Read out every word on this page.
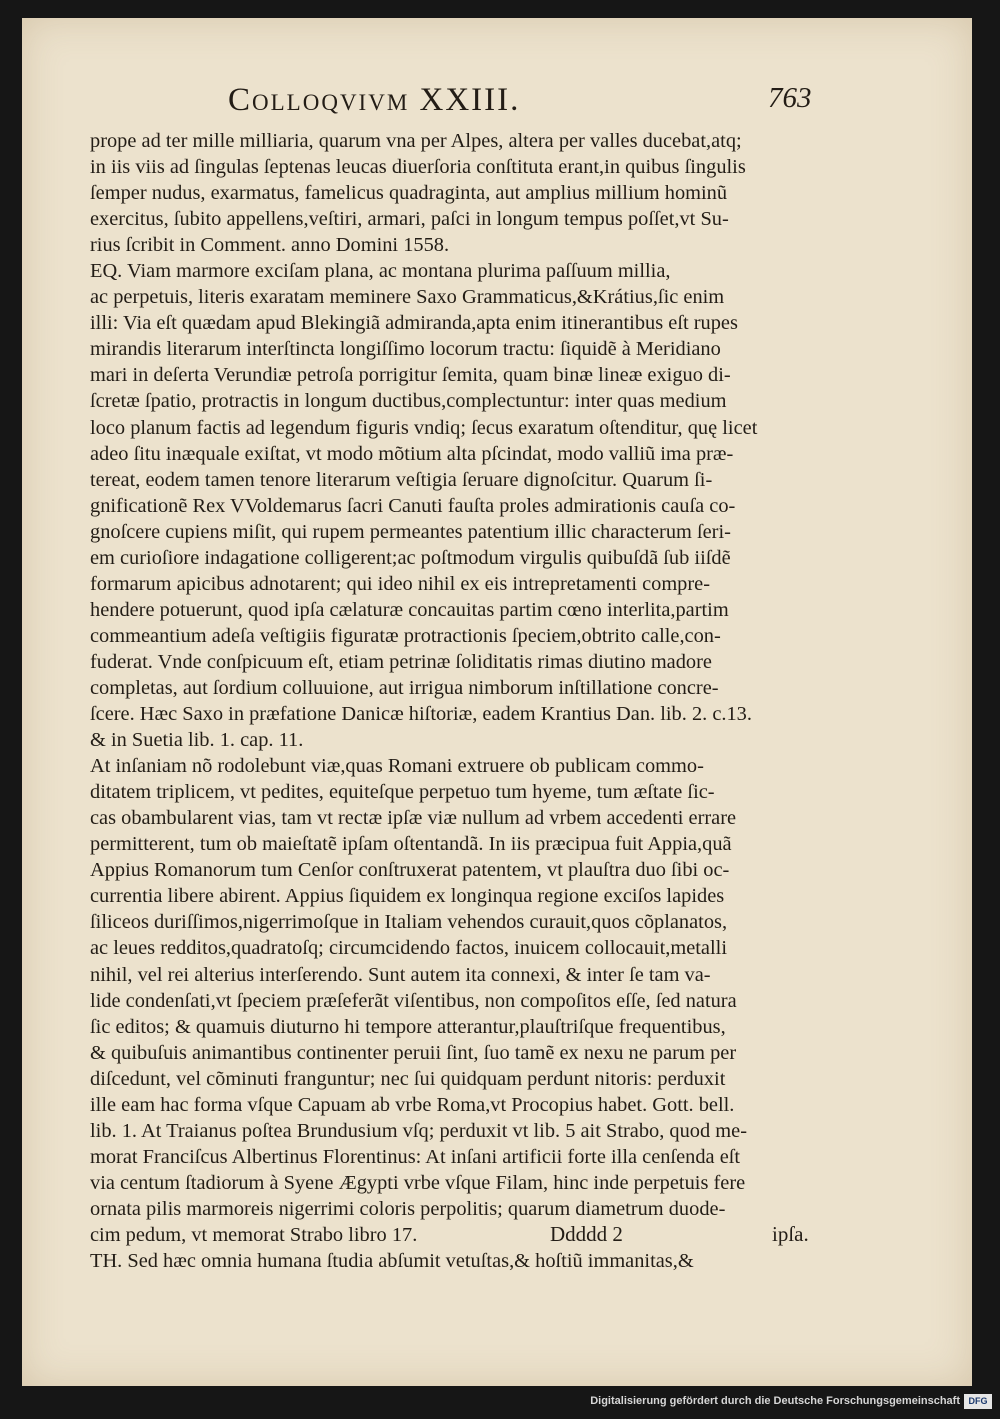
Colloqvivm XXIII.	763
prope ad ter mille milliaria, quarum vna per Alpes, altera per valles ducebat,atq;
in iis viis ad ſingulas ſeptenas leucas diuerſoria conſtituta erant,in quibus ſingulis
ſemper nudus, exarmatus, famelicus quadraginta, aut amplius millium hominũ
exercitus, ſubito appellens,veſtiri, armari, paſci in longum tempus poſſet,vt Su-
rius ſcribit in Comment. anno Domini 1558.
EQ. Viam marmore exciſam plana, ac montana plurima paſſuum millia,
ac perpetuis, literis exaratam meminere Saxo Grammaticus,&Krátius,ſic enim
illi: Via eſt quædam apud Blekingiã admiranda,apta enim itinerantibus eſt rupes
mirandis literarum interſtincta longiſſimo locorum tractu: ſiquidẽ à Meridiano
mari in deſerta Verundiæ petroſa porrigitur ſemita, quam binæ lineæ exiguo di-
ſcretæ ſpatio, protractis in longum ductibus,complectuntur: inter quas medium
loco planum factis ad legendum figuris vndiq; ſecus exaratum oſtenditur, quę licet
adeo ſitu inæquale exiſtat, vt modo mõtium alta pſcindat, modo valliũ ima præ-
tereat, eodem tamen tenore literarum veſtigia ſeruare dignoſcitur. Quarum ſi-
gnificationẽ Rex VVoldemarus ſacri Canuti fauſta proles admirationis cauſa co-
gnoſcere cupiens miſit, qui rupem permeantes patentium illic characterum ſeri-
em curioſiore indagatione colligerent;ac poſtmodum virgulis quibuſdã ſub iiſdẽ
formarum apicibus adnotarent; qui ideo nihil ex eis intrepretamenti compre-
hendere potuerunt, quod ipſa cælaturæ concauitas partim cœno interlita,partim
commeantium adeſa veſtigiis figuratæ protractionis ſpeciem,obtrito calle,con-
fuderat. Vnde conſpicuum eſt, etiam petrinæ ſoliditatis rimas diutino madore
completas, aut ſordium colluuione, aut irrigua nimborum inſtillatione concre-
ſcere. Hæc Saxo in præfatione Danicæ hiſtoriæ, eadem Krantius Dan. lib. 2. c.13.
& in Suetia lib. 1. cap. 11.
At inſaniam nõ rodolebunt viæ,quas Romani extruere ob publicam commo-
ditatem triplicem, vt pedites, equiteſque perpetuo tum hyeme, tum æſtate ſic-
cas obambularent vias, tam vt rectæ ipſæ viæ nullum ad vrbem accedenti errare
permitterent, tum ob maieſtatẽ ipſam oſtentandã. In iis præcipua fuit Appia,quã
Appius Romanorum tum Cenſor conſtruxerat patentem, vt plauſtra duo ſibi oc-
currentia libere abirent. Appius ſiquidem ex longinqua regione exciſos lapides
ſiliceos duriſſimos,nigerrimoſque in Italiam vehendos curauit,quos cõplanatos,
ac leues redditos,quadratoſq; circumcidendo factos, inuicem collocauit,metalli
nihil, vel rei alterius interſerendo. Sunt autem ita connexi, & inter ſe tam va-
lide condenſati,vt ſpeciem præſeferãt viſentibus, non compoſitos eſſe, ſed natura
ſic editos; & quamuis diuturno hi tempore atterantur,plauſtriſque frequentibus,
& quibuſuis animantibus continenter peruii ſint, ſuo tamẽ ex nexu ne parum per
diſcedunt, vel cõminuti franguntur; nec ſui quidquam perdunt nitoris: perduxit
ille eam hac forma vſque Capuam ab vrbe Roma,vt Procopius habet. Gott. bell.
lib. 1. At Traianus poſtea Brundusium vſq; perduxit vt lib. 5 ait Strabo, quod me-
morat Franciſcus Albertinus Florentinus: At inſani artificii forte illa cenſenda eſt
via centum ſtadiorum à Syene Ægypti vrbe vſque Filam, hinc inde perpetuis fere
ornata pilis marmoreis nigerrimi coloris perpolitis; quarum diametrum duode-
cim pedum, vt memorat Strabo libro 17.
TH. Sed hæc omnia humana ſtudia abſumit vetuſtas,& hoſtiũ immanitas,&
Ddddd 2	ipſa.
Digitalisierung gefördert durch die Deutsche Forschungsgemeinschaft DFG
